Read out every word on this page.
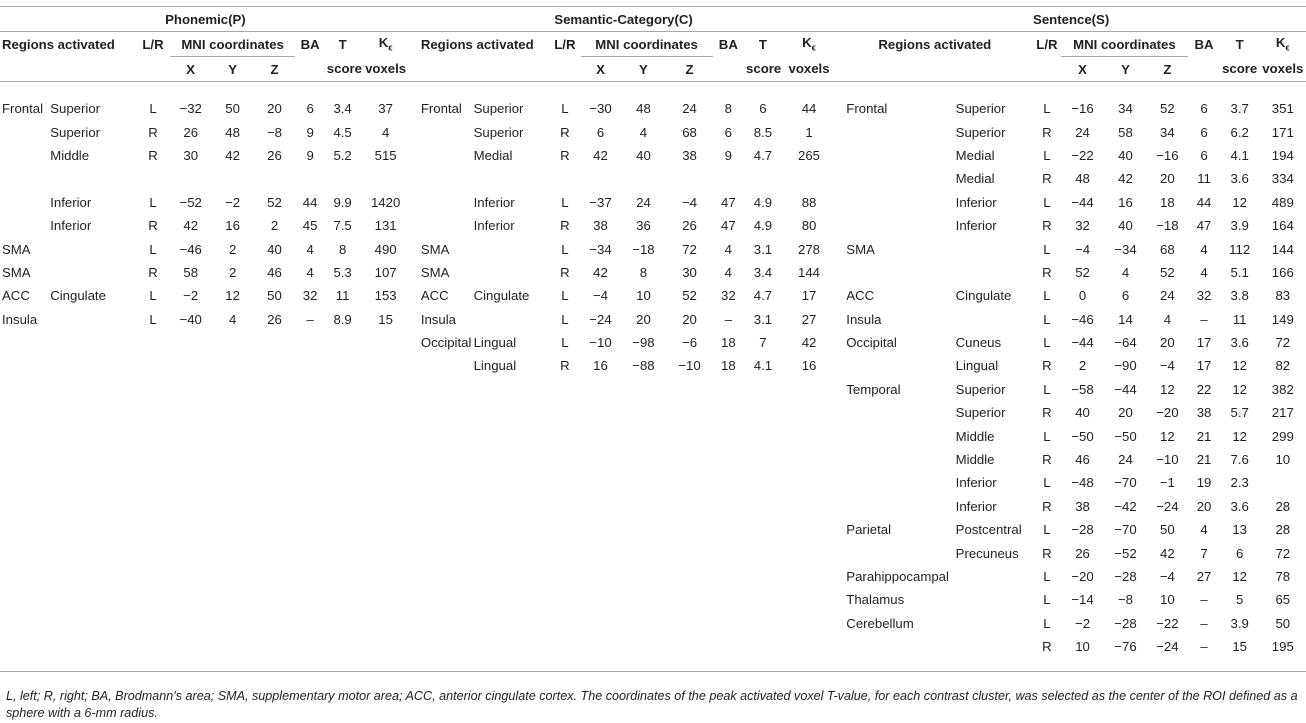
Phonemic(P)									Semantic-Category(C)									Sentence(S)								
Regions activated		L/R	MNI coordinates			BA	T	$K_\epsilon$	Regions activated		L/R	MNI coordinates			BA	T	$K_\epsilon$	Regions activated		L/R	MNI coordinates			BA	T	$K_\epsilon$
			X	Y	Z		score	voxels				X	Y	Z		score	voxels				X	Y	Z		score	voxels

Frontal	Superior	L	−32	50	20	6	3.4	37	Frontal	Superior	L	−30	48	24	8	6	44	Frontal	Superior	L	−16	34	52	6	3.7	351
	Superior	R	26	48	−8	9	4.5	4		Superior	R	6	4	68	6	8.5	1		Superior	R	24	58	34	6	6.2	171
	Middle	R	30	42	26	9	5.2	515		Medial	R	42	40	38	9	4.7	265		Medial	L	−22	40	−16	6	4.1	194
																			Medial	R	48	42	20	11	3.6	334
	Inferior	L	−52	−2	52	44	9.9	1420		Inferior	L	−37	24	−4	47	4.9	88		Inferior	L	−44	16	18	44	12	489
	Inferior	R	42	16	2	45	7.5	131		Inferior	R	38	36	26	47	4.9	80		Inferior	R	32	40	−18	47	3.9	164
SMA		L	−46	2	40	4	8	490	SMA		L	−34	−18	72	4	3.1	278	SMA		L	−4	−34	68	4	112	144
SMA		R	58	2	46	4	5.3	107	SMA		R	42	8	30	4	3.4	144			R	52	4	52	4	5.1	166
ACC	Cingulate	L	−2	12	50	32	11	153	ACC	Cingulate	L	−4	10	52	32	4.7	17	ACC	Cingulate	L	0	6	24	32	3.8	83
Insula		L	−40	4	26	–	8.9	15	Insula		L	−24	20	20	–	3.1	27	Insula		L	−46	14	4	–	11	149
									Occipital	Lingual	L	−10	−98	−6	18	7	42	Occipital	Cuneus	L	−44	−64	20	17	3.6	72
										Lingual	R	16	−88	−10	18	4.1	16		Lingual	R	2	−90	−4	17	12	82
																		Temporal	Superior	L	−58	−44	12	22	12	382
																			Superior	R	40	20	−20	38	5.7	217
																			Middle	L	−50	−50	12	21	12	299
																			Middle	R	46	24	−10	21	7.6	10
																			Inferior	L	−48	−70	−1	19	2.3	
																			Inferior	R	38	−42	−24	20	3.6	28
																		Parietal	Postcentral	L	−28	−70	50	4	13	28
																			Precuneus	R	26	−52	42	7	6	72
																		Parahippocampal		L	−20	−28	−4	27	12	78
																		Thalamus		L	−14	−8	10	–	5	65
																		Cerebellum		L	−2	−28	−22	–	3.9	50
																				R	10	−76	−24	–	15	195

L, left; R, right; BA, Brodmann's area; SMA, supplementary motor area; ACC, anterior cingulate cortex. The coordinates of the peak activated voxel T-value, for each contrast cluster, was selected as the center of the ROI defined as a sphere with a 6-mm radius.
